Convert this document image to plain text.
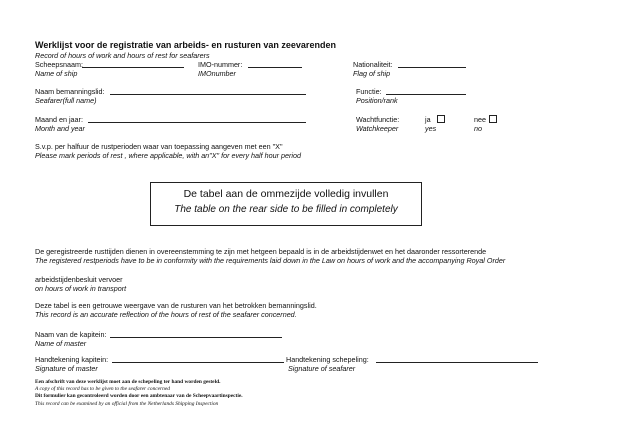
Werklijst voor de registratie van arbeids- en rusturen van zeevarenden
Record of hours of work and hours of rest for seafarers
Scheepsnaam:
Name of ship
IMO-nummer:
IMOnumber
Nationaliteit:
Flag of ship
Naam bemanningslid:
Seafarer(full name)
Functie:
Position/rank
Maand en jaar:
Month and year
Wachtfunctie:
Watchkeeper
ja
yes
nee
no
S.v.p. per halfuur de rustperioden waar van toepassing aangeven met een "X"
Please mark periods of rest , where applicable, with an"X" for every half hour period
De tabel aan de ommezijde volledig invullen
The table on the rear side to be filled in completely
De geregistreerde rusttijden dienen in overeenstemming te zijn met hetgeen bepaald is in de arbeidstijdenwet en het daaronder ressorterende
The registered restperiods have to be in conformity with the requirements laid down in the Law on hours of work and the accompanying Royal Order
arbeidstijdenbesluit vervoer
on hours of work in transport
Deze tabel is een getrouwe weergave van de rusturen van het betrokken bemanningslid.
This record is an accurate reflection of the hours of rest of the seafarer concerned.
Naam van de kapitein:
Name of master
Handtekening kapitein:
Signature of master
Handtekening schepeling:
Signature of seafarer
Een afschrift van deze werklijst moet aan de schepeling ter hand worden gesteld.
A copy of this record has to be given to the seafarer concerned
Dit formulier kan gecontroleerd worden door een ambtenaar van de Scheepvaartinspectie.
This record can be examined by an official from the Netherlands Shipping Inspection
